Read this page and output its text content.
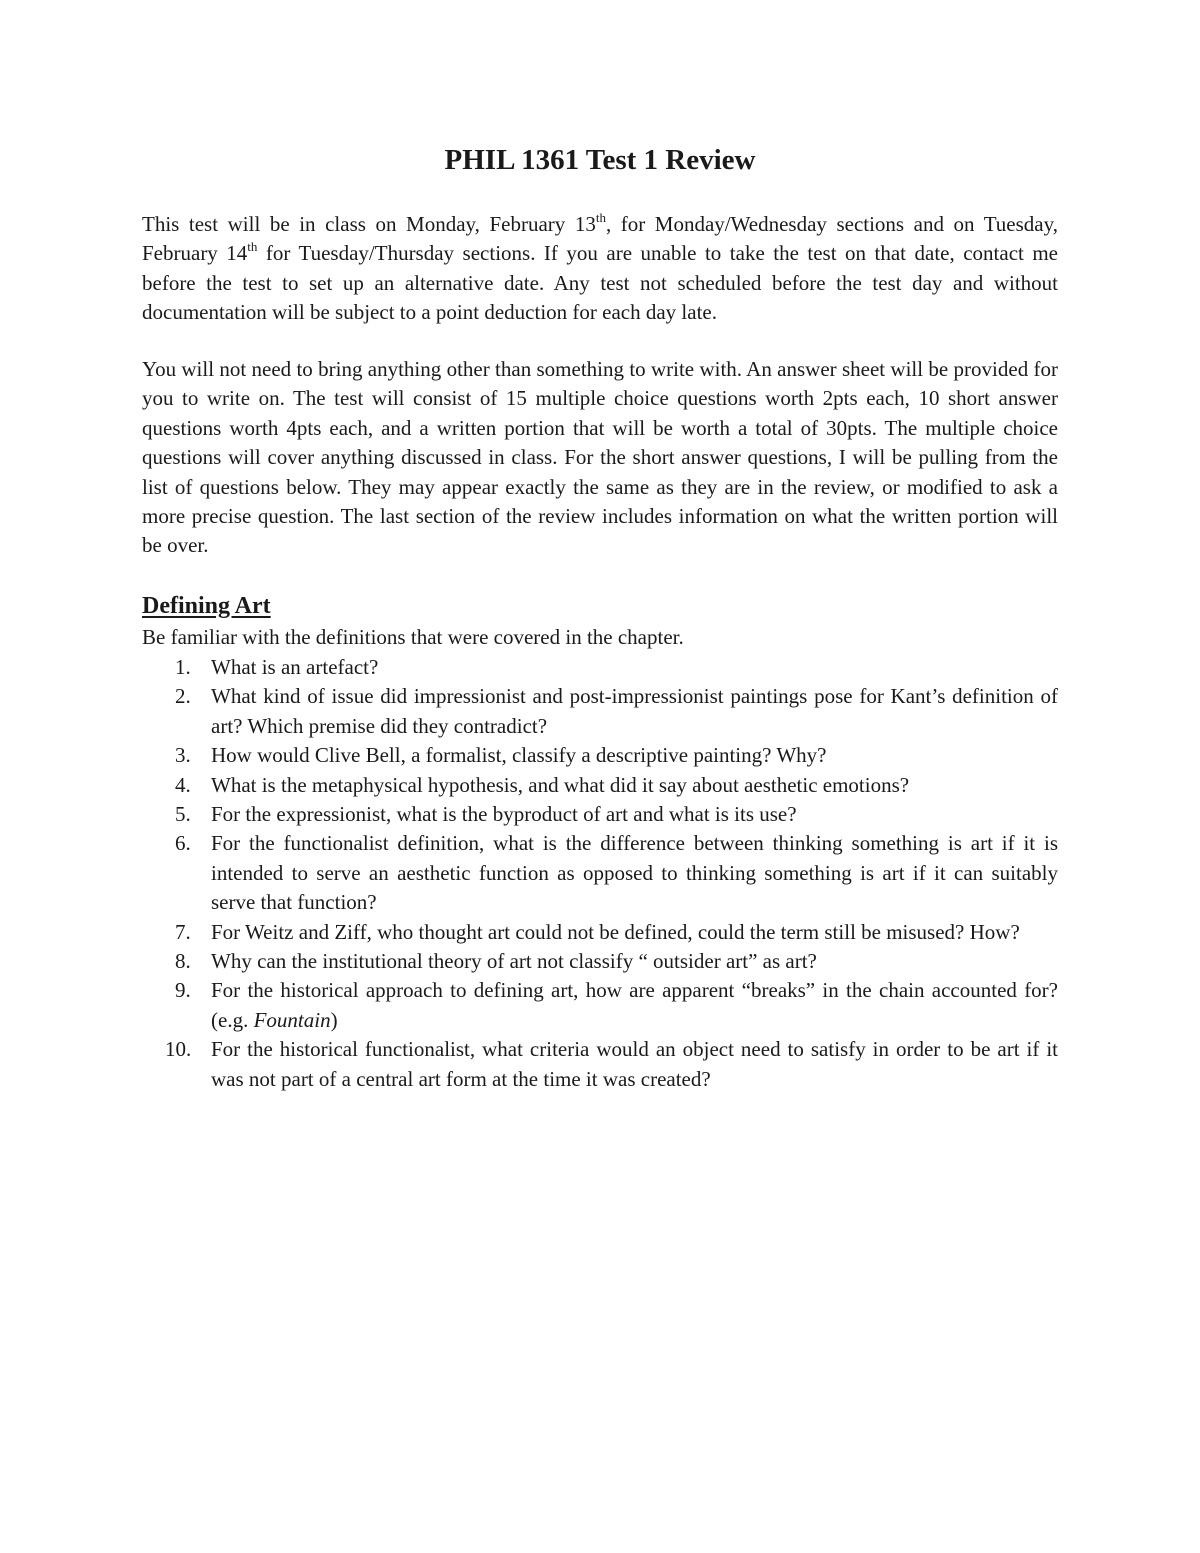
PHIL 1361 Test 1 Review

This test will be in class on Monday, February 13th, for Monday/Wednesday sections and on Tuesday, February 14th for Tuesday/Thursday sections. If you are unable to take the test on that date, contact me before the test to set up an alternative date. Any test not scheduled before the test day and without documentation will be subject to a point deduction for each day late.

You will not need to bring anything other than something to write with. An answer sheet will be provided for you to write on. The test will consist of 15 multiple choice questions worth 2pts each, 10 short answer questions worth 4pts each, and a written portion that will be worth a total of 30pts. The multiple choice questions will cover anything discussed in class. For the short answer questions, I will be pulling from the list of questions below. They may appear exactly the same as they are in the review, or modified to ask a more precise question. The last section of the review includes information on what the written portion will be over.

Defining Art

Be familiar with the definitions that were covered in the chapter.

1. What is an artefact?
2. What kind of issue did impressionist and post-impressionist paintings pose for Kant’s definition of art? Which premise did they contradict?
3. How would Clive Bell, a formalist, classify a descriptive painting? Why?
4. What is the metaphysical hypothesis, and what did it say about aesthetic emotions?
5. For the expressionist, what is the byproduct of art and what is its use?
6. For the functionalist definition, what is the difference between thinking something is art if it is intended to serve an aesthetic function as opposed to thinking something is art if it can suitably serve that function?
7. For Weitz and Ziff, who thought art could not be defined, could the term still be misused? How?
8. Why can the institutional theory of art not classify “ outsider art” as art?
9. For the historical approach to defining art, how are apparent “breaks” in the chain accounted for? (e.g. Fountain)
10. For the historical functionalist, what criteria would an object need to satisfy in order to be art if it was not part of a central art form at the time it was created?
